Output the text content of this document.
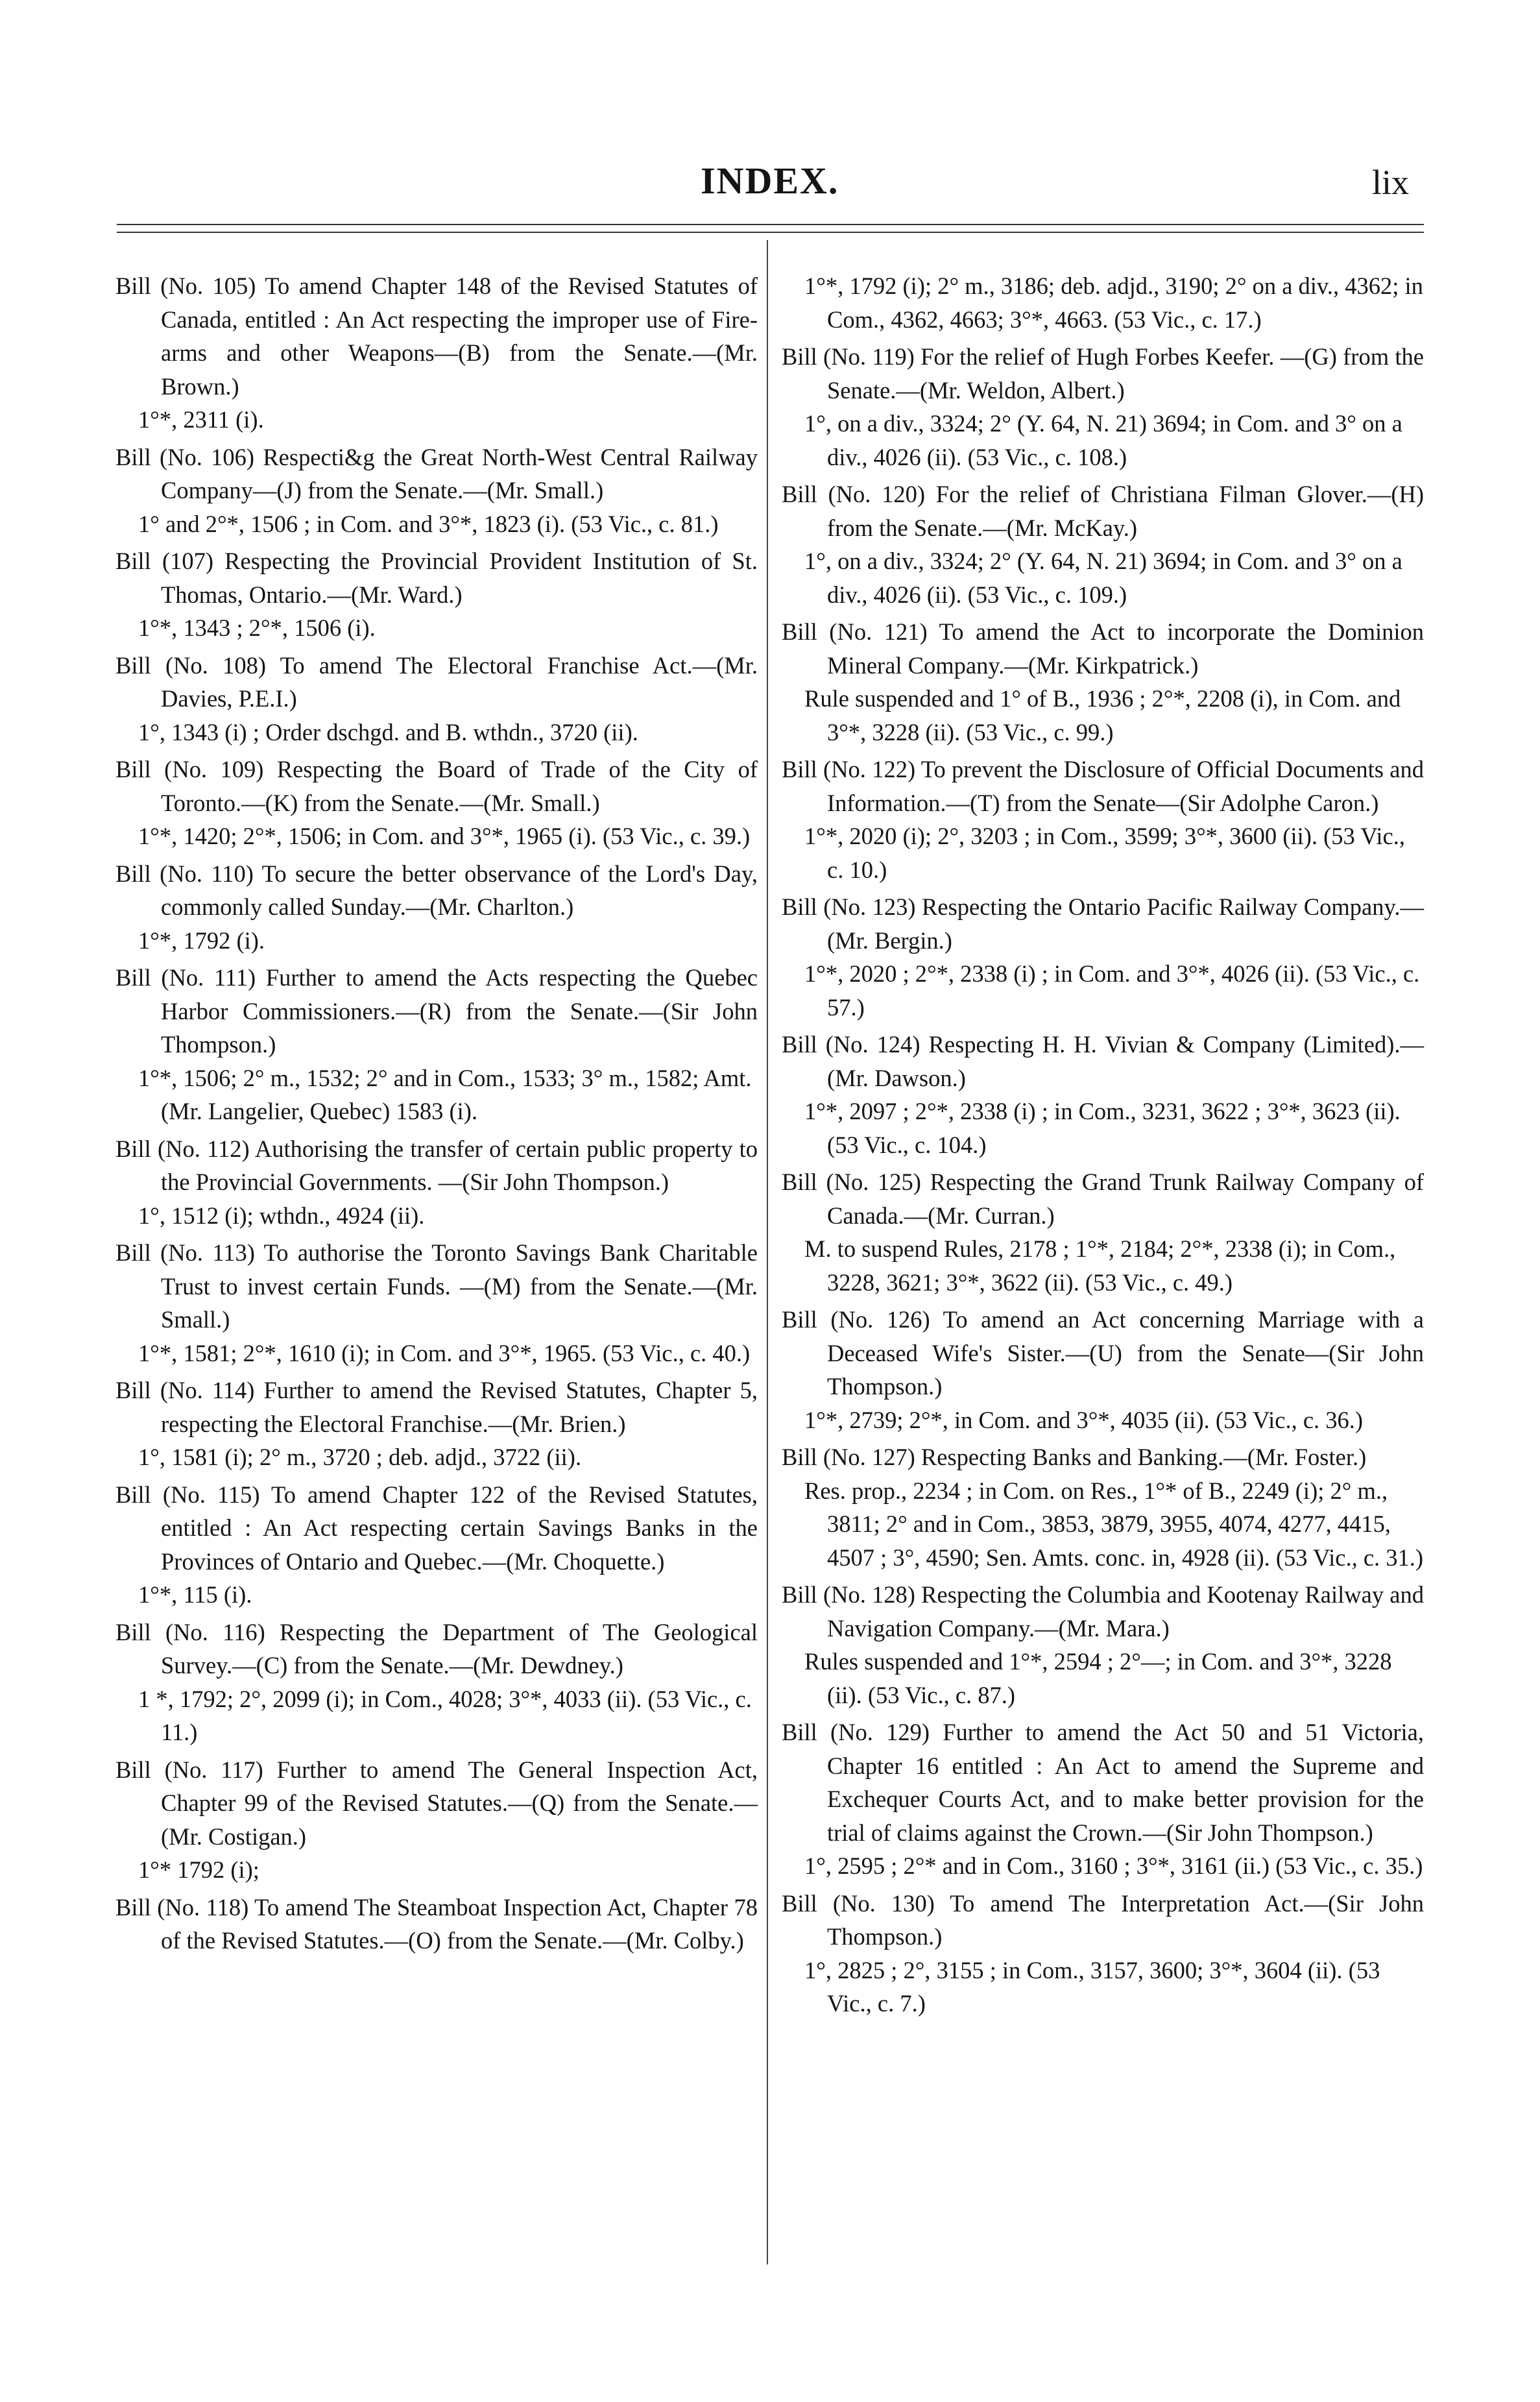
INDEX.	lix
Bill (No. 105) To amend Chapter 148 of the Revised Statutes of Canada, entitled : An Act respecting the improper use of Fire-arms and other Weapons—(B) from the Senate.—(Mr. Brown.)
1°*, 2311 (i).
Bill (No. 106) Respecti&g the Great North-West Central Railway Company—(J) from the Senate.—(Mr. Small.)
1° and 2°*, 1506 ; in Com. and 3°*, 1823 (i). (53 Vic., c. 81.)
Bill (107) Respecting the Provincial Provident Institution of St. Thomas, Ontario.—(Mr. Ward.)
1°*, 1343 ; 2°*, 1506 (i).
Bill (No. 108) To amend The Electoral Franchise Act.—(Mr. Davies, P.E.I.)
1°, 1343 (i) ; Order dschgd. and B. wthdn., 3720 (ii).
Bill (No. 109) Respecting the Board of Trade of the City of Toronto.—(K) from the Senate.—(Mr. Small.)
1°*, 1420; 2°*, 1506; in Com. and 3°*, 1965 (i). (53 Vic., c. 39.)
Bill (No. 110) To secure the better observance of the Lord's Day, commonly called Sunday.—(Mr. Charlton.)
1°*, 1792 (i).
Bill (No. 111) Further to amend the Acts respecting the Quebec Harbor Commissioners.—(R) from the Senate.—(Sir John Thompson.)
1°*, 1506; 2° m., 1532; 2° and in Com., 1533; 3° m., 1582; Amt. (Mr. Langelier, Quebec) 1583 (i).
Bill (No. 112) Authorising the transfer of certain public property to the Provincial Governments. —(Sir John Thompson.)
1°, 1512 (i); wthdn., 4924 (ii).
Bill (No. 113) To authorise the Toronto Savings Bank Charitable Trust to invest certain Funds. —(M) from the Senate.—(Mr. Small.)
1°*, 1581; 2°*, 1610 (i); in Com. and 3°*, 1965. (53 Vic., c. 40.)
Bill (No. 114) Further to amend the Revised Statutes, Chapter 5, respecting the Electoral Franchise.—(Mr. Brien.)
1°, 1581 (i); 2° m., 3720 ; deb. adjd., 3722 (ii).
Bill (No. 115) To amend Chapter 122 of the Revised Statutes, entitled : An Act respecting certain Savings Banks in the Provinces of Ontario and Quebec.—(Mr. Choquette.)
1°*, 115 (i).
Bill (No. 116) Respecting the Department of The Geological Survey.—(C) from the Senate.—(Mr. Dewdney.)
1 *, 1792; 2°, 2099 (i); in Com., 4028; 3°*, 4033 (ii). (53 Vic., c. 11.)
Bill (No. 117) Further to amend The General Inspection Act, Chapter 99 of the Revised Statutes.—(Q) from the Senate.—(Mr. Costigan.)
1°* 1792 (i);
Bill (No. 118) To amend The Steamboat Inspection Act, Chapter 78 of the Revised Statutes.—(O) from the Senate.—(Mr. Colby.)
1°*, 1792 (i); 2° m., 3186; deb. adjd., 3190; 2° on a div., 4362; in Com., 4362, 4663; 3°*, 4663. (53 Vic., c. 17.)
Bill (No. 119) For the relief of Hugh Forbes Keefer. —(G) from the Senate.—(Mr. Weldon, Albert.)
1°, on a div., 3324; 2° (Y. 64, N. 21) 3694; in Com. and 3° on a div., 4026 (ii). (53 Vic., c. 108.)
Bill (No. 120) For the relief of Christiana Filman Glover.—(H) from the Senate.—(Mr. McKay.)
1°, on a div., 3324; 2° (Y. 64, N. 21) 3694; in Com. and 3° on a div., 4026 (ii). (53 Vic., c. 109.)
Bill (No. 121) To amend the Act to incorporate the Dominion Mineral Company.—(Mr. Kirkpatrick.)
Rule suspended and 1° of B., 1936 ; 2°*, 2208 (i), in Com. and 3°*, 3228 (ii). (53 Vic., c. 99.)
Bill (No. 122) To prevent the Disclosure of Official Documents and Information.—(T) from the Senate—(Sir Adolphe Caron.)
1°*, 2020 (i); 2°, 3203 ; in Com., 3599; 3°*, 3600 (ii). (53 Vic., c. 10.)
Bill (No. 123) Respecting the Ontario Pacific Railway Company.—(Mr. Bergin.)
1°*, 2020 ; 2°*, 2338 (i) ; in Com. and 3°*, 4026 (ii). (53 Vic., c. 57.)
Bill (No. 124) Respecting H. H. Vivian & Company (Limited).—(Mr. Dawson.)
1°*, 2097 ; 2°*, 2338 (i) ; in Com., 3231, 3622 ; 3°*, 3623 (ii). (53 Vic., c. 104.)
Bill (No. 125) Respecting the Grand Trunk Railway Company of Canada.—(Mr. Curran.)
M. to suspend Rules, 2178 ; 1°*, 2184; 2°*, 2338 (i); in Com., 3228, 3621; 3°*, 3622 (ii). (53 Vic., c. 49.)
Bill (No. 126) To amend an Act concerning Marriage with a Deceased Wife's Sister.—(U) from the Senate—(Sir John Thompson.)
1°*, 2739; 2°*, in Com. and 3°*, 4035 (ii). (53 Vic., c. 36.)
Bill (No. 127) Respecting Banks and Banking.—(Mr. Foster.)
Res. prop., 2234 ; in Com. on Res., 1°* of B., 2249 (i); 2° m., 3811; 2° and in Com., 3853, 3879, 3955, 4074, 4277, 4415, 4507 ; 3°, 4590; Sen. Amts. conc. in, 4928 (ii). (53 Vic., c. 31.)
Bill (No. 128) Respecting the Columbia and Kootenay Railway and Navigation Company.—(Mr. Mara.)
Rules suspended and 1°*, 2594 ; 2°—; in Com. and 3°*, 3228 (ii). (53 Vic., c. 87.)
Bill (No. 129) Further to amend the Act 50 and 51 Victoria, Chapter 16 entitled : An Act to amend the Supreme and Exchequer Courts Act, and to make better provision for the trial of claims against the Crown.—(Sir John Thompson.)
1°, 2595 ; 2°* and in Com., 3160 ; 3°*, 3161 (ii.) (53 Vic., c. 35.)
Bill (No. 130) To amend The Interpretation Act.—(Sir John Thompson.)
1°, 2825 ; 2°, 3155 ; in Com., 3157, 3600; 3°*, 3604 (ii). (53 Vic., c. 7.)
